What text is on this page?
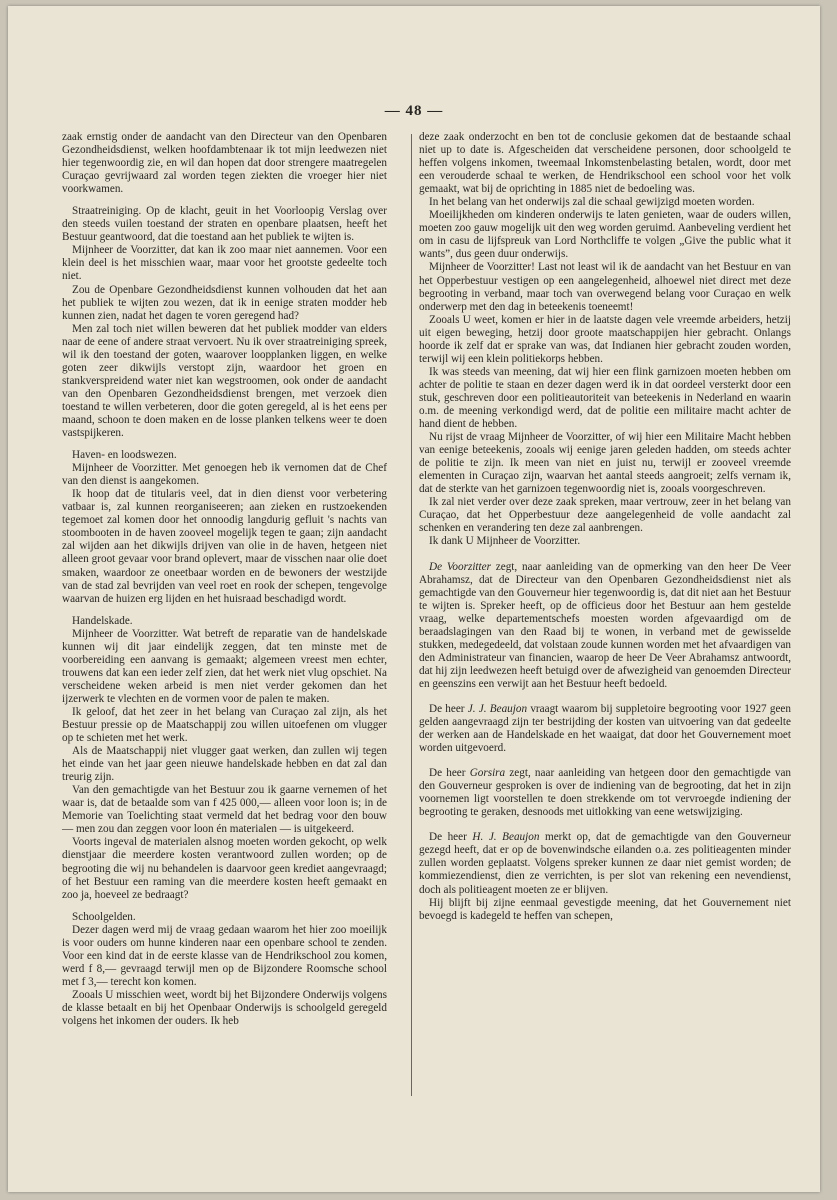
— 48 —

zaak ernstig onder de aandacht van den Directeur van den Openbaren Gezondheidsdienst, welken hoofdambtenaar ik tot mijn leedwezen niet hier tegenwoordig zie, en wil dan hopen dat door strengere maatregelen Curaçao gevrijwaard zal worden tegen ziekten die vroeger hier niet voorkwamen.

Straatreiniging. Op de klacht, geuit in het Voorloopig Verslag over den steeds vuilen toestand der straten en openbare plaatsen, heeft het Bestuur geantwoord, dat die toestand aan het publiek te wijten is.

Mijnheer de Voorzitter, dat kan ik zoo maar niet aannemen. Voor een klein deel is het misschien waar, maar voor het grootste gedeelte toch niet.

Zou de Openbare Gezondheidsdienst kunnen volhouden dat het aan het publiek te wijten zou wezen, dat ik in eenige straten modder heb kunnen zien, nadat het dagen te voren geregend had?

Men zal toch niet willen beweren dat het publiek modder van elders naar de eene of andere straat vervoert. Nu ik over straatreiniging spreek, wil ik den toestand der goten, waarover loopplanken liggen, en welke goten zeer dikwijls verstopt zijn, waardoor het groen en stankverspreidend water niet kan wegstroomen, ook onder de aandacht van den Openbaren Gezondheidsdienst brengen, met verzoek dien toestand te willen verbeteren, door die goten geregeld, al is het eens per maand, schoon te doen maken en de losse planken telkens weer te doen vastspijkeren.

Haven- en loodswezen.

Mijnheer de Voorzitter. Met genoegen heb ik vernomen dat de Chef van den dienst is aangekomen.

Ik hoop dat de titularis veel, dat in dien dienst voor verbetering vatbaar is, zal kunnen reorganiseeren; aan zieken en rustzoekenden tegemoet zal komen door het onnoodig langdurig gefluit 's nachts van stoombooten in de haven zooveel mogelijk tegen te gaan; zijn aandacht zal wijden aan het dikwijls drijven van olie in de haven, hetgeen niet alleen groot gevaar voor brand oplevert, maar de visschen naar olie doet smaken, waardoor ze oneetbaar worden en de bewoners der westzijde van de stad zal bevrijden van veel roet en rook der schepen, tengevolge waarvan de huizen erg lijden en het huisraad beschadigd wordt.

Handelskade.

Mijnheer de Voorzitter. Wat betreft de reparatie van de handelskade kunnen wij dit jaar eindelijk zeggen, dat ten minste met de voorbereiding een aanvang is gemaakt; algemeen vreest men echter, trouwens dat kan een ieder zelf zien, dat het werk niet vlug opschiet. Na verscheidene weken arbeid is men niet verder gekomen dan het ijzerwerk te vlechten en de vormen voor de palen te maken.

Ik geloof, dat het zeer in het belang van Curaçao zal zijn, als het Bestuur pressie op de Maatschappij zou willen uitoefenen om vlugger op te schieten met het werk.

Als de Maatschappij niet vlugger gaat werken, dan zullen wij tegen het einde van het jaar geen nieuwe handelskade hebben en dat zal dan treurig zijn.

Van den gemachtigde van het Bestuur zou ik gaarne vernemen of het waar is, dat de betaalde som van f 425 000,— alleen voor loon is; in de Memorie van Toelichting staat vermeld dat het bedrag voor den bouw — men zou dan zeggen voor loon én materialen — is uitgekeerd.

Voorts ingeval de materialen alsnog moeten worden gekocht, op welk dienstjaar die meerdere kosten verantwoord zullen worden; op de begrooting die wij nu behandelen is daarvoor geen krediet aangevraagd; of het Bestuur een raming van die meerdere kosten heeft gemaakt en zoo ja, hoeveel ze bedraagt?

Schoolgelden.

Dezer dagen werd mij de vraag gedaan waarom het hier zoo moeilijk is voor ouders om hunne kinderen naar een openbare school te zenden. Voor een kind dat in de eerste klasse van de Hendrikschool zou komen, werd f 8,— gevraagd terwijl men op de Bijzondere Roomsche school met f 3,— terecht kon komen.

Zooals U misschien weet, wordt bij het Bijzondere Onderwijs volgens de klasse betaalt en bij het Openbaar Onderwijs is schoolgeld geregeld volgens het inkomen der ouders. Ik heb

deze zaak onderzocht en ben tot de conclusie gekomen dat de bestaande schaal niet up to date is. Afgescheiden dat verscheidene personen, door schoolgeld te heffen volgens inkomen, tweemaal Inkomstenbelasting betalen, wordt, door met een verouderde schaal te werken, de Hendrikschool een school voor het volk gemaakt, wat bij de oprichting in 1885 niet de bedoeling was.

In het belang van het onderwijs zal die schaal gewijzigd moeten worden.

Moeilijkheden om kinderen onderwijs te laten genieten, waar de ouders willen, moeten zoo gauw mogelijk uit den weg worden geruimd. Aanbeveling verdient het om in casu de lijfspreuk van Lord Northcliffe te volgen „Give the public what it wants”, dus geen duur onderwijs.

Mijnheer de Voorzitter! Last not least wil ik de aandacht van het Bestuur en van het Opperbestuur vestigen op een aangelegenheid, alhoewel niet direct met deze begrooting in verband, maar toch van overwegend belang voor Curaçao en welk onderwerp met den dag in beteekenis toeneemt!

Zooals U weet, komen er hier in de laatste dagen vele vreemde arbeiders, hetzij uit eigen beweging, hetzij door groote maatschappijen hier gebracht. Onlangs hoorde ik zelf dat er sprake van was, dat Indianen hier gebracht zouden worden, terwijl wij een klein politiekorps hebben.

Ik was steeds van meening, dat wij hier een flink garnizoen moeten hebben om achter de politie te staan en dezer dagen werd ik in dat oordeel versterkt door een stuk, geschreven door een politieautoriteit van beteekenis in Nederland en waarin o.m. de meening verkondigd werd, dat de politie een militaire macht achter de hand dient de hebben.

Nu rijst de vraag Mijnheer de Voorzitter, of wij hier een Militaire Macht hebben van eenige beteekenis, zooals wij eenige jaren geleden hadden, om steeds achter de politie te zijn. Ik meen van niet en juist nu, terwijl er zooveel vreemde elementen in Curaçao zijn, waarvan het aantal steeds aangroeit; zelfs vernam ik, dat de sterkte van het garnizoen tegenwoordig niet is, zooals voorgeschreven.

Ik zal niet verder over deze zaak spreken, maar vertrouw, zeer in het belang van Curaçao, dat het Opperbestuur deze aangelegenheid de volle aandacht zal schenken en verandering ten deze zal aanbrengen.

Ik dank U Mijnheer de Voorzitter.

De Voorzitter zegt, naar aanleiding van de opmerking van den heer De Veer Abrahamsz, dat de Directeur van den Openbaren Gezondheidsdienst niet als gemachtigde van den Gouverneur hier tegenwoordig is, dat dit niet aan het Bestuur te wijten is. Spreker heeft, op de officieus door het Bestuur aan hem gestelde vraag, welke departementschefs moesten worden afgevaardigd om de beraadslagingen van den Raad bij te wonen, in verband met de gewisselde stukken, medegedeeld, dat volstaan zoude kunnen worden met het afvaardigen van den Administrateur van financien, waarop de heer De Veer Abrahamsz antwoordt, dat hij zijn leedwezen heeft betuigd over de afwezigheid van genoemden Directeur en geenszins een verwijt aan het Bestuur heeft bedoeld.

De heer J. J. Beaujon vraagt waarom bij suppletoire begrooting voor 1927 geen gelden aangevraagd zijn ter bestrijding der kosten van uitvoering van dat gedeelte der werken aan de Handelskade en het waaigat, dat door het Gouvernement moet worden uitgevoerd.

De heer Gorsira zegt, naar aanleiding van hetgeen door den gemachtigde van den Gouverneur gesproken is over de indiening van de begrooting, dat het in zijn voornemen ligt voorstellen te doen strekkende om tot vervroegde indiening der begrooting te geraken, desnoods met uitlokking van eene wetswijziging.

De heer H. J. Beaujon merkt op, dat de gemachtigde van den Gouverneur gezegd heeft, dat er op de bovenwindsche eilanden o.a. zes politieagenten minder zullen worden geplaatst. Volgens spreker kunnen ze daar niet gemist worden; de kommiezendienst, dien ze verrichten, is per slot van rekening een nevendienst, doch als politieagent moeten ze er blijven.

Hij blijft bij zijne eenmaal gevestigde meening, dat het Gouvernement niet bevoegd is kadegeld te heffen van schepen,
